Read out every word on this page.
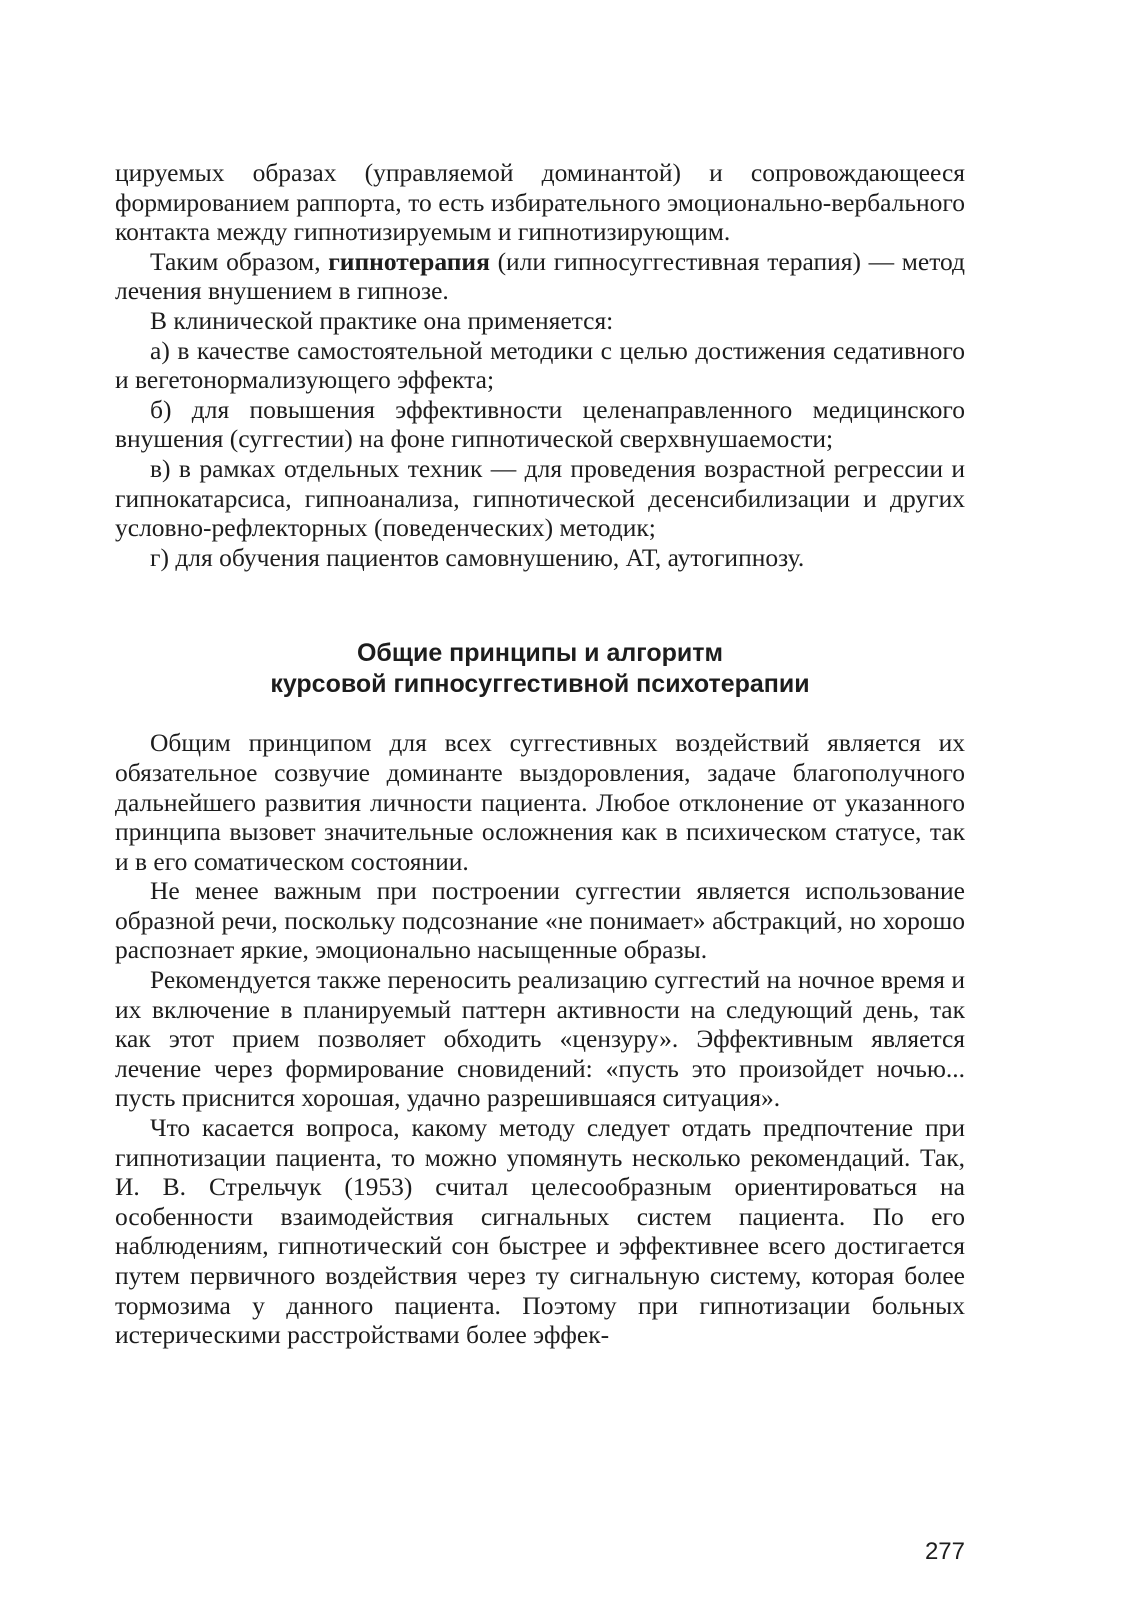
цируемых образах (управляемой доминантой) и сопровождающееся формированием раппорта, то есть избирательного эмоционально-вербального контакта между гипнотизируемым и гипнотизирующим.

Таким образом, гипнотерапия (или гипносуггестивная терапия) — метод лечения внушением в гипнозе.

В клинической практике она применяется:

а) в качестве самостоятельной методики с целью достижения седативного и вегетонормализующего эффекта;

б) для повышения эффективности целенаправленного медицинского внушения (суггестии) на фоне гипнотической сверхвнушаемости;

в) в рамках отдельных техник — для проведения возрастной регрессии и гипнокатарсиса, гипноанализа, гипнотической десенсибилизации и других условно-рефлекторных (поведенческих) методик;

г) для обучения пациентов самовнушению, АТ, аутогипнозу.

Общие принципы и алгоритм
курсовой гипносуггестивной психотерапии

Общим принципом для всех суггестивных воздействий является их обязательное созвучие доминанте выздоровления, задаче благополучного дальнейшего развития личности пациента. Любое отклонение от указанного принципа вызовет значительные осложнения как в психическом статусе, так и в его соматическом состоянии.

Не менее важным при построении суггестии является использование образной речи, поскольку подсознание «не понимает» абстракций, но хорошо распознает яркие, эмоционально насыщенные образы.

Рекомендуется также переносить реализацию суггестий на ночное время и их включение в планируемый паттерн активности на следующий день, так как этот прием позволяет обходить «цензуру». Эффективным является лечение через формирование сновидений: «пусть это произойдет ночью... пусть приснится хорошая, удачно разрешившаяся ситуация».

Что касается вопроса, какому методу следует отдать предпочтение при гипнотизации пациента, то можно упомянуть несколько рекомендаций. Так, И. В. Стрельчук (1953) считал целесообразным ориентироваться на особенности взаимодействия сигнальных систем пациента. По его наблюдениям, гипнотический сон быстрее и эффективнее всего достигается путем первичного воздействия через ту сигнальную систему, которая более тормозима у данного пациента. Поэтому при гипнотизации больных истерическими расстройствами более эффек-

277
